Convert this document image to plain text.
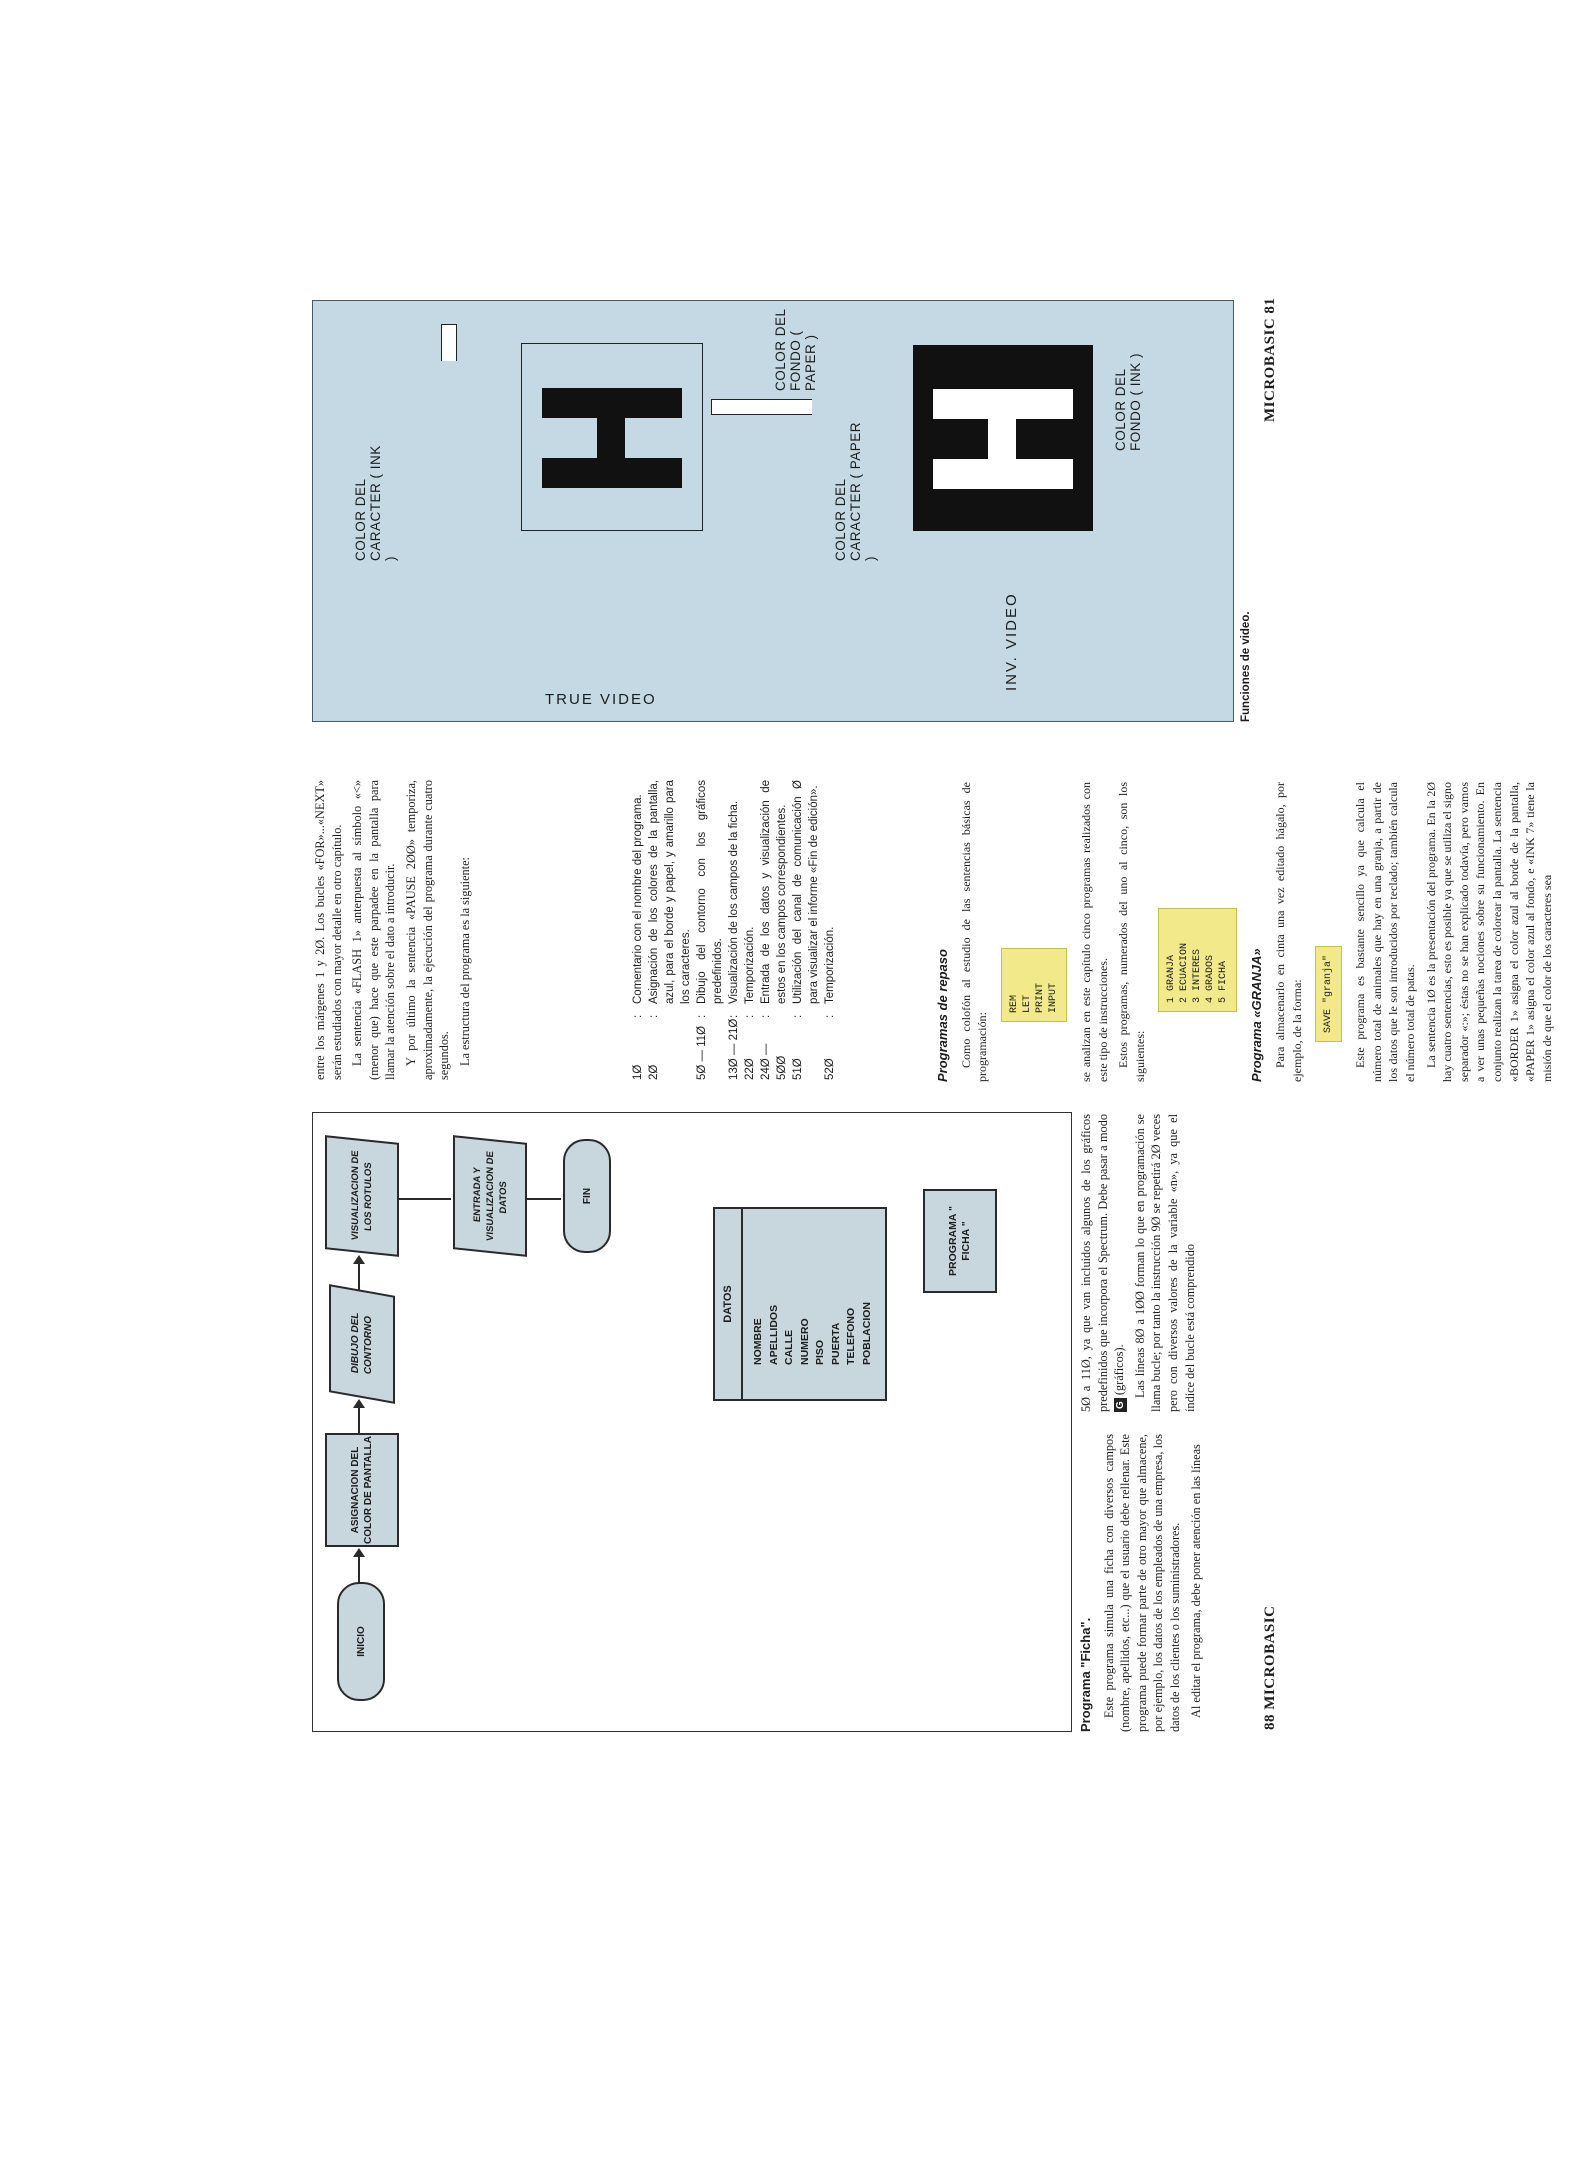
INICIO
ASIGNACION DEL COLOR DE PANTALLA
DIBUJO DEL CONTORNO
VISUALIZACION DE LOS ROTULOS	ENTRADA Y VISUALIZACION DE DATOS	FIN
DATOS
NOMBRE APELLIDOS CALLE NUMERO PISO PUERTA TELEFONO POBLACION
PROGRAMA " FICHA "
Programa "Ficha". Este programa simula una ficha con diversos campos (nombre, apellidos, etc...) que el usuario debe rellenar. Este programa puede formar parte de otro mayor que almacene, por ejemplo, los datos de los empleados de una empresa, los datos de los clientes o los suministradores. Al editar el programa, debe poner atención en las líneas

5Ø a 11Ø, ya que van incluidos algunos de los gráficos predefinidos que incorpora el Spectrum. Debe pasar a modo G (gráficos). Las líneas 8Ø a 1ØØ forman lo que en programación se llama bucle; por tanto la instrucción 9Ø se repetirá 2Ø veces pero con diversos valores de la variable «n», ya que el índice del bucle está comprendido

entre los márgenes 1 y 2Ø. Los bucles «FOR»...«NEXT» serán estudiados con mayor detalle en otro capítulo. La sentencia «FLASH 1» anterpuesta al símbolo «<» (menor que) hace que este parpadee en la pantalla para llamar la atención sobre el dato a introducir. Y por último la sentencia «PAUSE 2ØØ» temporiza, aproximadamente, la ejecución del programa durante cuatro segundos. La estructura del programa es la siguiente:

1Ø
:
Comentario con el nombre del programa.
2Ø
:
Asignación de los colores de la pantalla, azul, para el borde y papel, y amarillo para los caracteres.
5Ø — 11Ø
:
Dibujo del contorno con los gráficos predefinidos.
13Ø — 21Ø
:
Visualización de los campos de la ficha.
22Ø
:
Temporización.
24Ø — 5ØØ
:
Entrada de los datos y visualización de estos en los campos correspondientes.
51Ø
:
Utilización del canal de comunicación Ø para visualizar el informe «Fin de edición».
52Ø
:
Temporización.
88 MICROBASIC
Programas de repaso Como colofón al estudio de las sentencias básicas de programación:

REM LET PRINT INPUT se analizan en este capítulo cinco programas realizados con este tipo de instrucciones. Estos programas, numerados del uno al cinco, son los siguientes:

1 GRANJA 2 ECUACION 3 INTERES 4 GRADOS 5 FICHA Programa «GRANJA» Para almacenarlo en cinta una vez editado hágalo, por ejemplo, de la forma: SAVE "granja" Este programa es bastante sencillo ya que calcula el número total de animales que hay en una granja, a partir de los datos que le son introducidos por teclado; también calcula el número total de patas. La sentencia 1Ø es la presentación del programa. En la 2Ø hay cuatro sentencias, esto es posible ya que se utiliza el signo separador «:»; éstas no se han explicado todavía, pero vamos a ver unas pequeñas nociones sobre su funcionamiento. En conjunto realizan la tarea de colorear la pantalla. La sentencia «BORDER 1» asigna el color azul al borde de la pantalla, «PAPER 1» asigna el color azul al fondo, e «INK 7» tiene la misión de que el color de los caracteres sea

TRUE VIDEO
COLOR DEL CARACTER ( INK )
COLOR DEL FONDO ( PAPER )
INV. VIDEO
COLOR DEL CARACTER ( PAPER )
COLOR DEL FONDO ( INK )
Funciones de video.
MICROBASIC 81
